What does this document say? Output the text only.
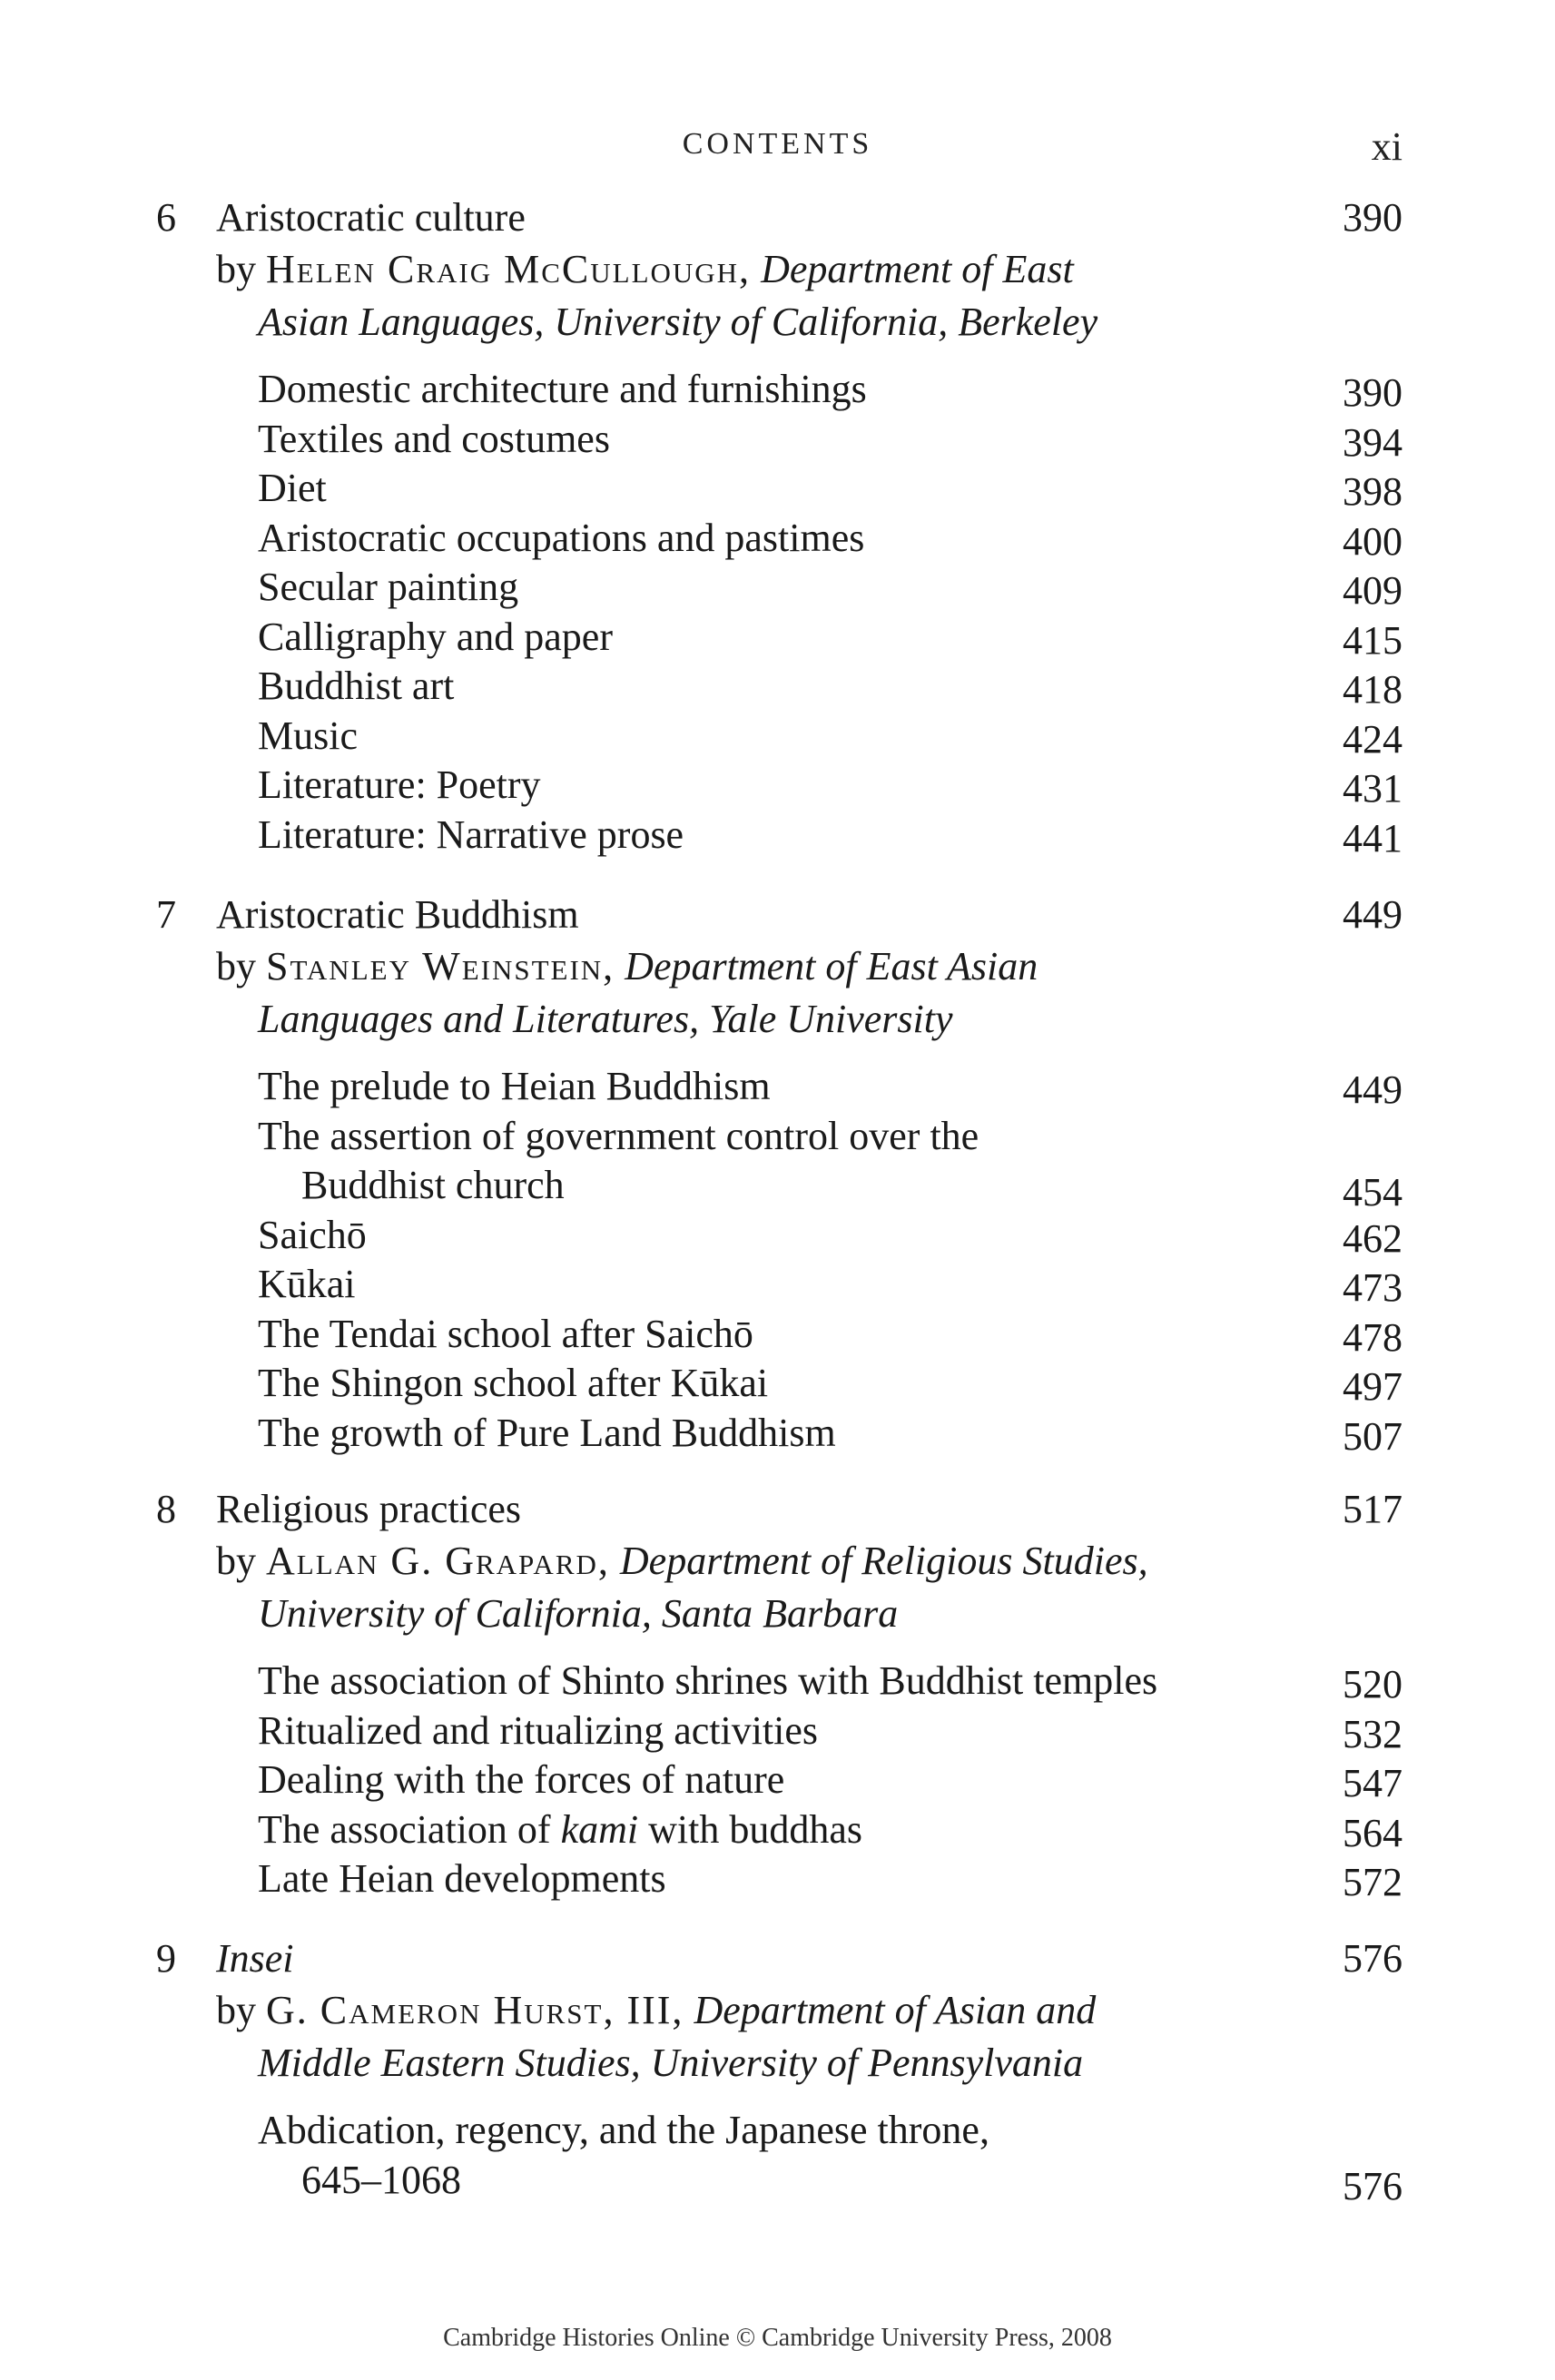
CONTENTS	xi
6 Aristocratic culture	390
by Helen Craig McCullough, Department of East
Asian Languages, University of California, Berkeley
Domestic architecture and furnishings	390
Textiles and costumes	394
Diet	398
Aristocratic occupations and pastimes	400
Secular painting	409
Calligraphy and paper	415
Buddhist art	418
Music	424
Literature: Poetry	431
Literature: Narrative prose	441
7 Aristocratic Buddhism	449
by Stanley Weinstein, Department of East Asian
Languages and Literatures, Yale University
The prelude to Heian Buddhism	449
The assertion of government control over the
Buddhist church	454
Saichō	462
Kūkai	473
The Tendai school after Saichō	478
The Shingon school after Kūkai	497
The growth of Pure Land Buddhism	507
8 Religious practices	517
by Allan G. Grapard, Department of Religious Studies,
University of California, Santa Barbara
The association of Shinto shrines with Buddhist temples	520
Ritualized and ritualizing activities	532
Dealing with the forces of nature	547
The association of kami with buddhas	564
Late Heian developments	572
9 Insei	576
by G. Cameron Hurst, III, Department of Asian and
Middle Eastern Studies, University of Pennsylvania
Abdication, regency, and the Japanese throne,
645–1068	576
Cambridge Histories Online © Cambridge University Press, 2008
